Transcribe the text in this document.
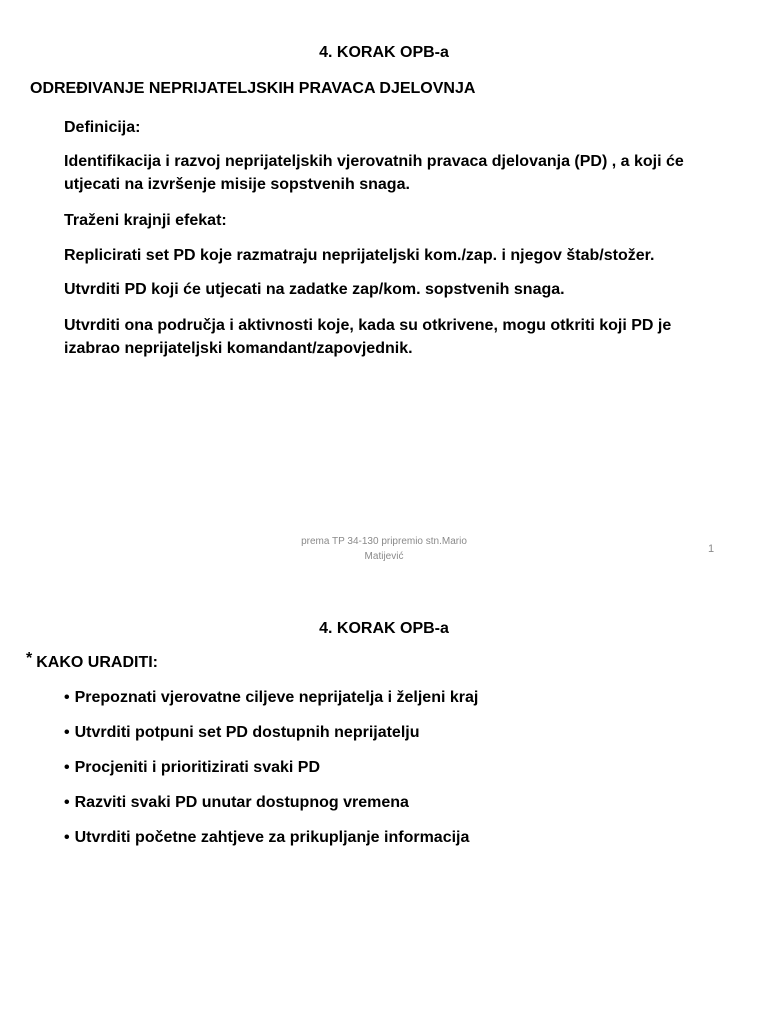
4. KORAK OPB-a
ODREĐIVANJE NEPRIJATELJSKIH PRAVACA DJELOVNJA

Definicija:

Identifikacija i razvoj neprijateljskih vjerovatnih pravaca djelovanja (PD) , a koji će utjecati na izvršenje misije sopstvenih snaga.

Traženi krajnji efekat:

Replicirati set PD koje razmatraju neprijateljski kom./zap. i njegov štab/stožer.

Utvrditi PD koji će utjecati na zadatke zap/kom. sopstvenih snaga.

Utvrditi ona područja i aktivnosti koje, kada su otkrivene, mogu otkriti koji PD je izabrao neprijateljski komandant/zapovjednik.

prema TP 34-130 pripremio stn.Mario
Matijević
1
4. KORAK OPB-a
* KAKO URADITI:
• Prepoznati vjerovatne ciljeve neprijatelja i željeni kraj
• Utvrditi potpuni set PD dostupnih neprijatelju
• Procjeniti i prioritizirati svaki PD
• Razviti svaki PD unutar dostupnog vremena
• Utvrditi početne zahtjeve za prikupljanje informacija
